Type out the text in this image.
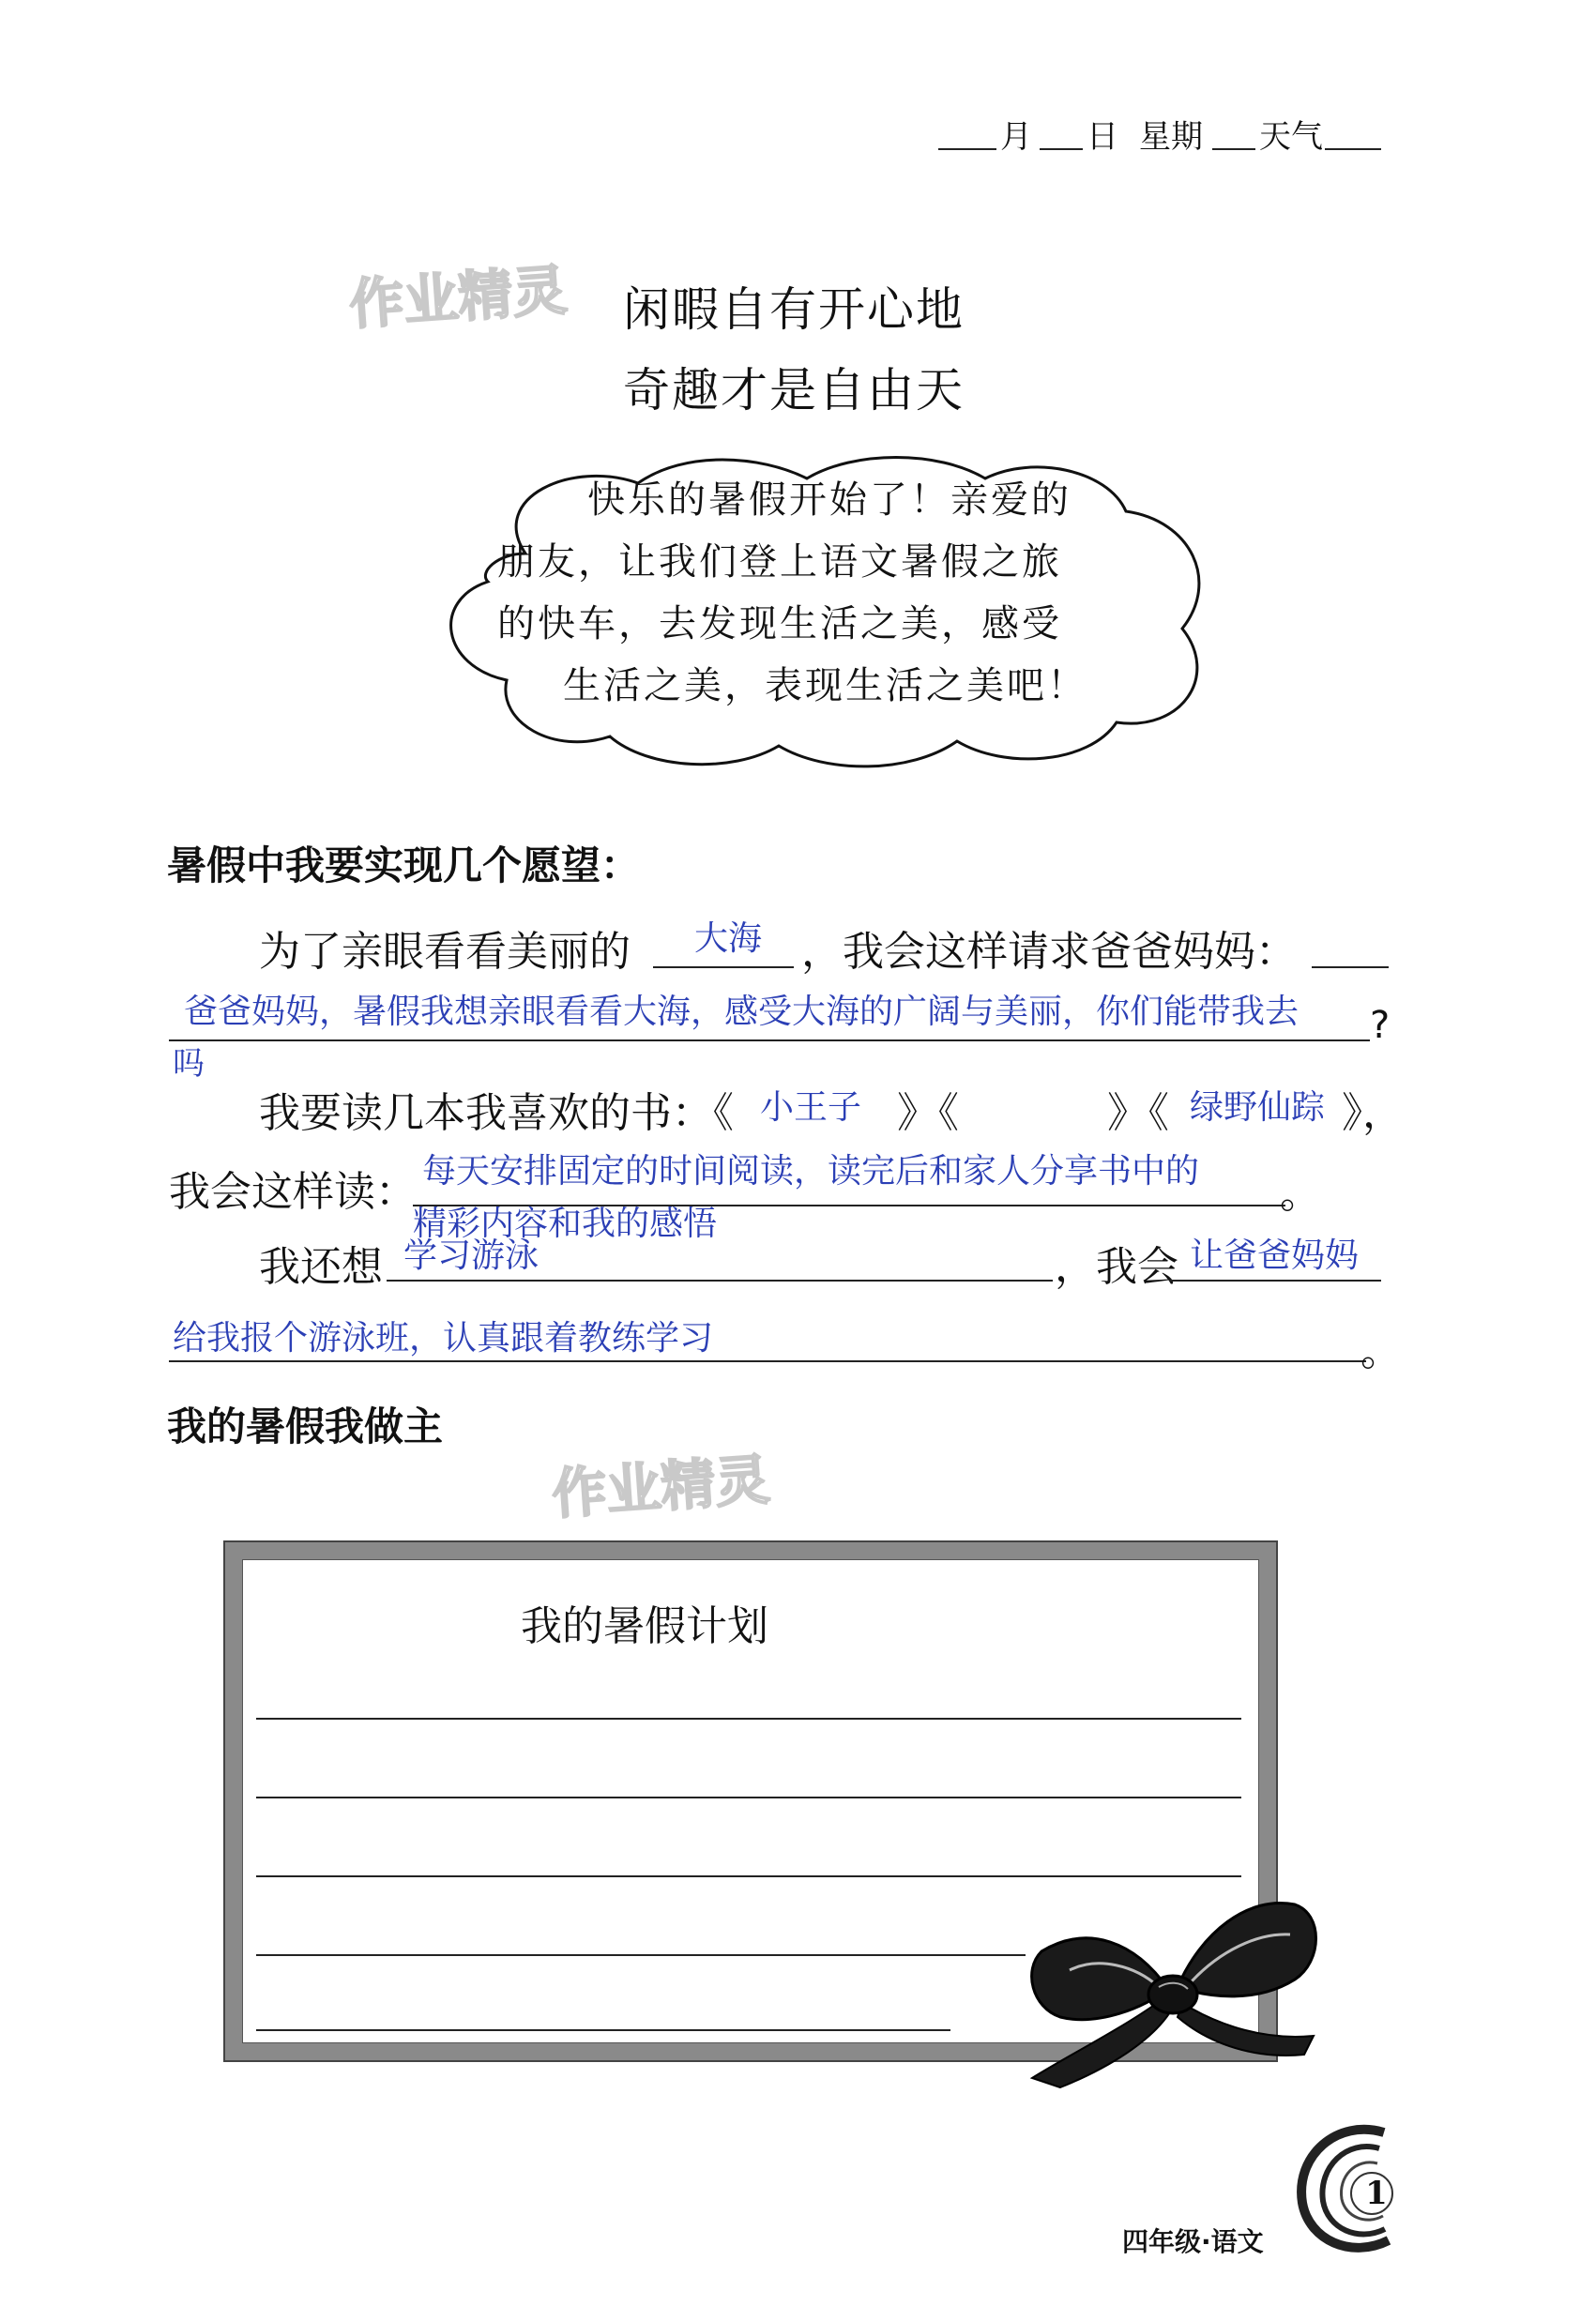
月 日 星期 天气
作业精灵 闲暇自有开心地
奇趣才是自由天
快乐的暑假开始了！亲爱的
朋友，让我们登上语文暑假之旅
的快车，去发现生活之美，感受
生活之美，表现生活之美吧！
暑假中我要实现几个愿望：
为了亲眼看看美丽的 大海 ，我会这样请求爸爸妈妈：
爸爸妈妈，暑假我想亲眼看看大海，感受大海的广阔与美丽，你们能带我去 ?
吗
我要读几本我喜欢的书：《 小王子 》《	》《 绿野仙踪 》，
我会这样读： 每天安排固定的时间阅读，读完后和家人分享书中的 。
精彩内容和我的感悟
我还想 学习游泳	，我会 让爸爸妈妈
给我报个游泳班，认真跟着教练学习	。
我的暑假我做主
作业精灵
我的暑假计划
1
四年级·语文
